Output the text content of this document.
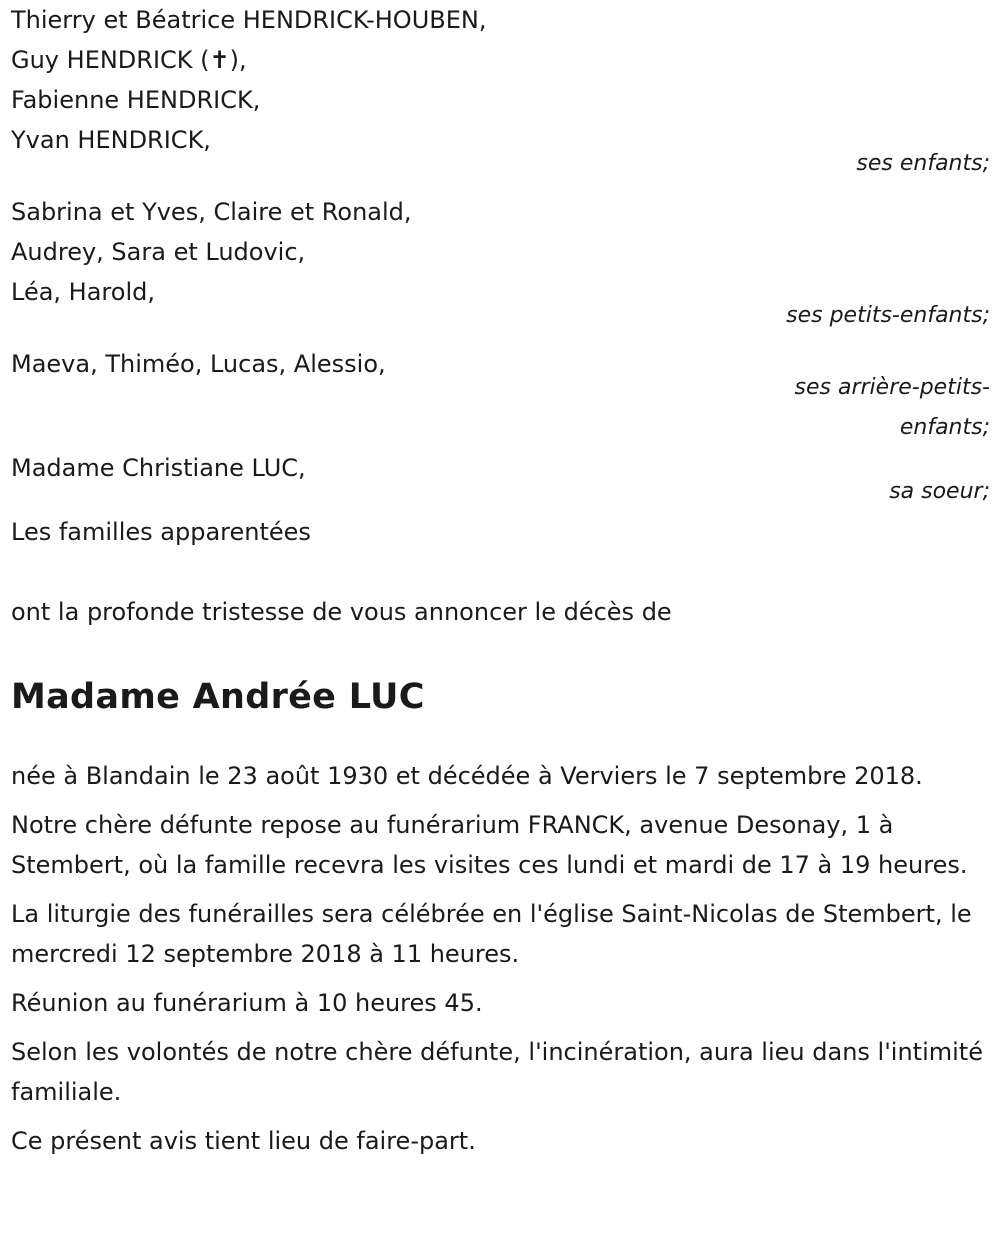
Thierry et Béatrice HENDRICK-HOUBEN,
Guy HENDRICK (✝),
Fabienne HENDRICK,
Yvan HENDRICK,
ses enfants;
Sabrina et Yves, Claire et Ronald,
Audrey, Sara et Ludovic,
Léa, Harold,
ses petits-enfants;
Maeva, Thiméo, Lucas, Alessio,
ses arrière-petits-
enfants;
Madame Christiane LUC,
sa soeur;
Les familles apparentées
ont la profonde tristesse de vous annoncer le décès de
Madame Andrée LUC

née à Blandain le 23 août 1930 et décédée à Verviers le 7 septembre 2018.

Notre chère défunte repose au funérarium FRANCK, avenue Desonay, 1 à Stembert, où la famille recevra les visites ces lundi et mardi de 17 à 19 heures.

La liturgie des funérailles sera célébrée en l'église Saint-Nicolas de Stembert, le mercredi 12 septembre 2018 à 11 heures.

Réunion au funérarium à 10 heures 45.

Selon les volontés de notre chère défunte, l'incinération, aura lieu dans l'intimité familiale.

Ce présent avis tient lieu de faire-part.
